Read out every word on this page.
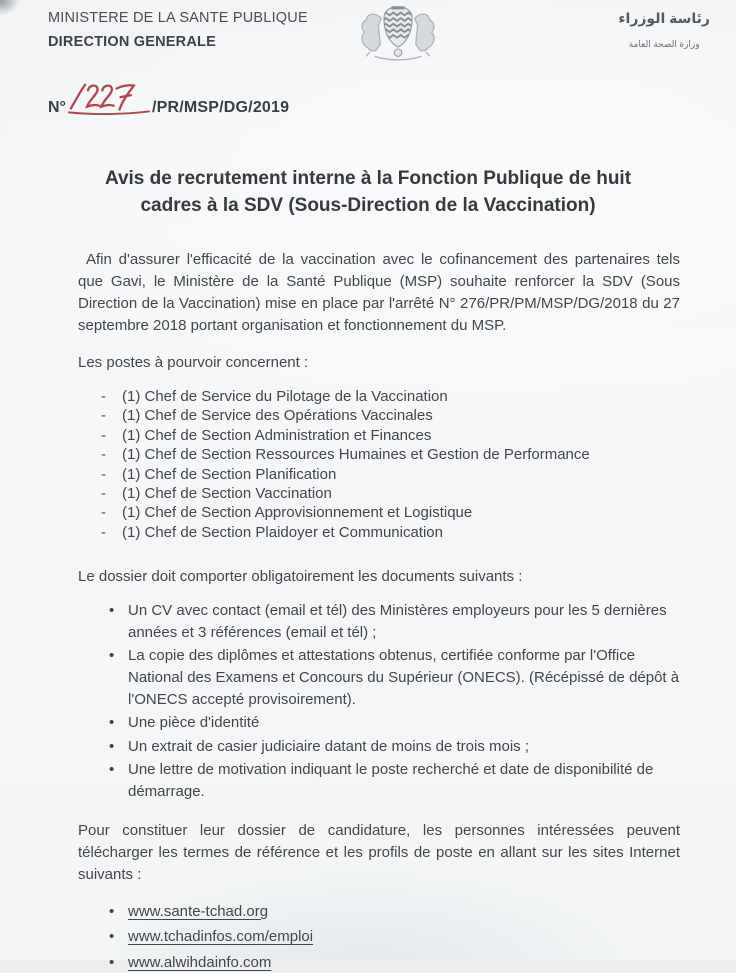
MINISTERE DE LA SANTE PUBLIQUE
DIRECTION GENERALE
رئاسة الوزراء
وزارة الصحة العامة
N°	/PR/MSP/DG/2019
Avis de recrutement interne à la Fonction Publique de huit cadres à la SDV (Sous-Direction de la Vaccination)

Afin d'assurer l'efficacité de la vaccination avec le cofinancement des partenaires tels que Gavi, le Ministère de la Santé Publique (MSP) souhaite renforcer la SDV (Sous Direction de la Vaccination) mise en place par l'arrêté N° 276/PR/PM/MSP/DG/2018 du 27 septembre 2018 portant organisation et fonctionnement du MSP.

Les postes à pourvoir concernent :
- (1) Chef de Service du Pilotage de la Vaccination
- (1) Chef de Service des Opérations Vaccinales
- (1) Chef de Section Administration et Finances
- (1) Chef de Section Ressources Humaines et Gestion de Performance
- (1) Chef de Section Planification
- (1) Chef de Section Vaccination
- (1) Chef de Section Approvisionnement et Logistique
- (1) Chef de Section Plaidoyer et Communication
Le dossier doit comporter obligatoirement les documents suivants :
• Un CV avec contact (email et tél) des Ministères employeurs pour les 5 dernières années et 3 références (email et tél) ;
• La copie des diplômes et attestations obtenus, certifiée conforme par l'Office National des Examens et Concours du Supérieur (ONECS). (Récépissé de dépôt à l'ONECS accepté provisoirement).
• Une pièce d'identité
• Un extrait de casier judiciaire datant de moins de trois mois ;
• Une lettre de motivation indiquant le poste recherché et date de disponibilité de démarrage.

Pour constituer leur dossier de candidature, les personnes intéressées peuvent télécharger les termes de référence et les profils de poste en allant sur les sites Internet suivants :

• www.sante-tchad.org
• www.tchadinfos.com/emploi
• www.alwihdainfo.com
